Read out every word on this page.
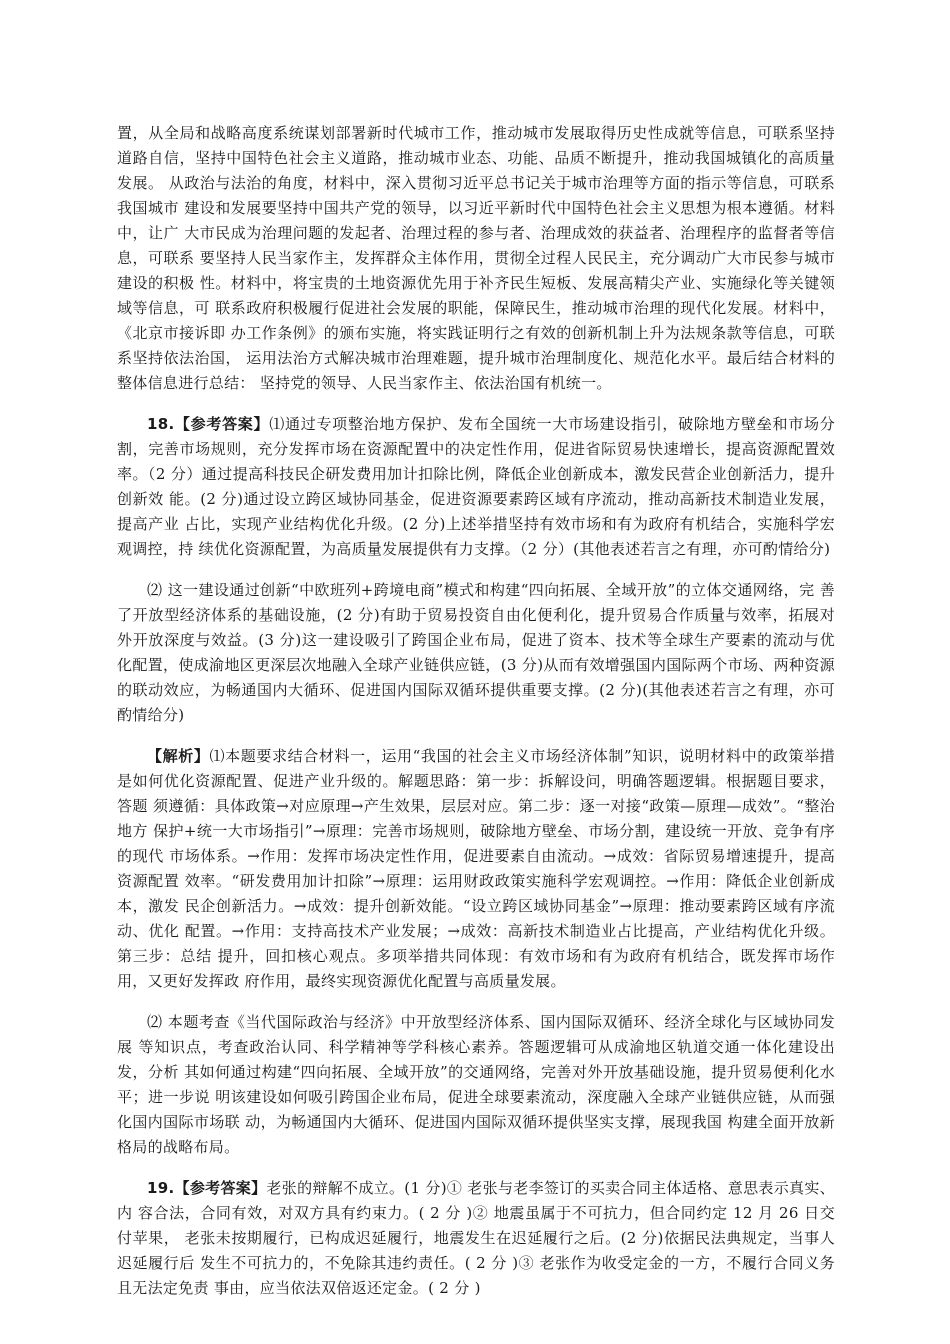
置，从全局和战略高度系统谋划部署新时代城市工作，推动城市发展取得历史性成就等信息，可联系坚持道路自信，坚持中国特色社会主义道路，推动城市业态、功能、品质不断提升，推动我国城镇化的高质量发展。 从政治与法治的角度，材料中，深入贯彻习近平总书记关于城市治理等方面的指示等信息，可联系我国城市 建设和发展要坚持中国共产党的领导，以习近平新时代中国特色社会主义思想为根本遵循。材料中，让广 大市民成为治理问题的发起者、治理过程的参与者、治理成效的获益者、治理程序的监督者等信息，可联系 要坚持人民当家作主，发挥群众主体作用，贯彻全过程人民民主，充分调动广大市民参与城市建设的积极 性。材料中，将宝贵的土地资源优先用于补齐民生短板、发展高精尖产业、实施绿化等关键领域等信息，可 联系政府积极履行促进社会发展的职能，保障民生，推动城市治理的现代化发展。材料中，《北京市接诉即 办工作条例》的颁布实施，将实践证明行之有效的创新机制上升为法规条款等信息，可联系坚持依法治国， 运用法治方式解决城市治理难题，提升城市治理制度化、规范化水平。最后结合材料的整体信息进行总结： 坚持党的领导、人民当家作主、依法治国有机统一。

18.【参考答案】⑴通过专项整治地方保护、发布全国统一大市场建设指引，破除地方壁垒和市场分割，完善市场规则，充分发挥市场在资源配置中的决定性作用，促进省际贸易快速增长，提高资源配置效率。（2 分）通过提高科技民企研发费用加计扣除比例，降低企业创新成本，激发民营企业创新活力，提升创新效 能。(2 分)通过设立跨区域协同基金，促进资源要素跨区域有序流动，推动高新技术制造业发展，提高产业 占比，实现产业结构优化升级。(2 分)上述举措坚持有效市场和有为政府有机结合，实施科学宏观调控，持 续优化资源配置，为高质量发展提供有力支撑。（2 分）(其他表述若言之有理，亦可酌情给分)

⑵ 这一建设通过创新“中欧班列+跨境电商”模式和构建“四向拓展、全域开放”的立体交通网络，完 善了开放型经济体系的基础设施，(2 分)有助于贸易投资自由化便利化，提升贸易合作质量与效率，拓展对 外开放深度与效益。(3 分)这一建设吸引了跨国企业布局，促进了资本、技术等全球生产要素的流动与优 化配置，使成渝地区更深层次地融入全球产业链供应链，(3 分)从而有效增强国内国际两个市场、两种资源 的联动效应，为畅通国内大循环、促进国内国际双循环提供重要支撑。(2 分)(其他表述若言之有理，亦可 酌情给分)

【解析】⑴本题要求结合材料一，运用“我国的社会主义市场经济体制”知识，说明材料中的政策举措 是如何优化资源配置、促进产业升级的。解题思路：第一步：拆解设问，明确答题逻辑。根据题目要求，答题 须遵循：具体政策→对应原理→产生效果，层层对应。第二步：逐一对接“政策—原理—成效”。“整治地方 保护+统一大市场指引”→原理：完善市场规则，破除地方壁垒、市场分割，建设统一开放、竞争有序的现代 市场体系。→作用：发挥市场决定性作用，促进要素自由流动。→成效：省际贸易增速提升，提高资源配置 效率。“研发费用加计扣除”→原理：运用财政政策实施科学宏观调控。→作用：降低企业创新成本，激发 民企创新活力。→成效：提升创新效能。“设立跨区域协同基金”→原理：推动要素跨区域有序流动、优化 配置。→作用：支持高技术产业发展；→成效：高新技术制造业占比提高，产业结构优化升级。第三步：总结 提升，回扣核心观点。多项举措共同体现：有效市场和有为政府有机结合，既发挥市场作用，又更好发挥政 府作用，最终实现资源优化配置与高质量发展。

⑵ 本题考查《当代国际政治与经济》中开放型经济体系、国内国际双循环、经济全球化与区域协同发展 等知识点，考查政治认同、科学精神等学科核心素养。答题逻辑可从成渝地区轨道交通一体化建设出发，分析 其如何通过构建“四向拓展、全域开放”的交通网络，完善对外开放基础设施，提升贸易便利化水平；进一步说 明该建设如何吸引跨国企业布局，促进全球要素流动，深度融入全球产业链供应链，从而强化国内国际市场联 动，为畅通国内大循环、促进国内国际双循环提供坚实支撑，展现我国 构建全面开放新格局的战略布局。

19.【参考答案】老张的辩解不成立。(1 分)① 老张与老李签订的买卖合同主体适格、意思表示真实、内 容合法，合同有效，对双方具有约束力。( 2 分 )② 地震虽属于不可抗力，但合同约定 12 月 26 日交付苹果， 老张未按期履行，已构成迟延履行，地震发生在迟延履行之后。(2 分)依据民法典规定，当事人迟延履行后 发生不可抗力的，不免除其违约责任。( 2 分 )③ 老张作为收受定金的一方，不履行合同义务且无法定免责 事由，应当依法双倍返还定金。( 2 分 )
